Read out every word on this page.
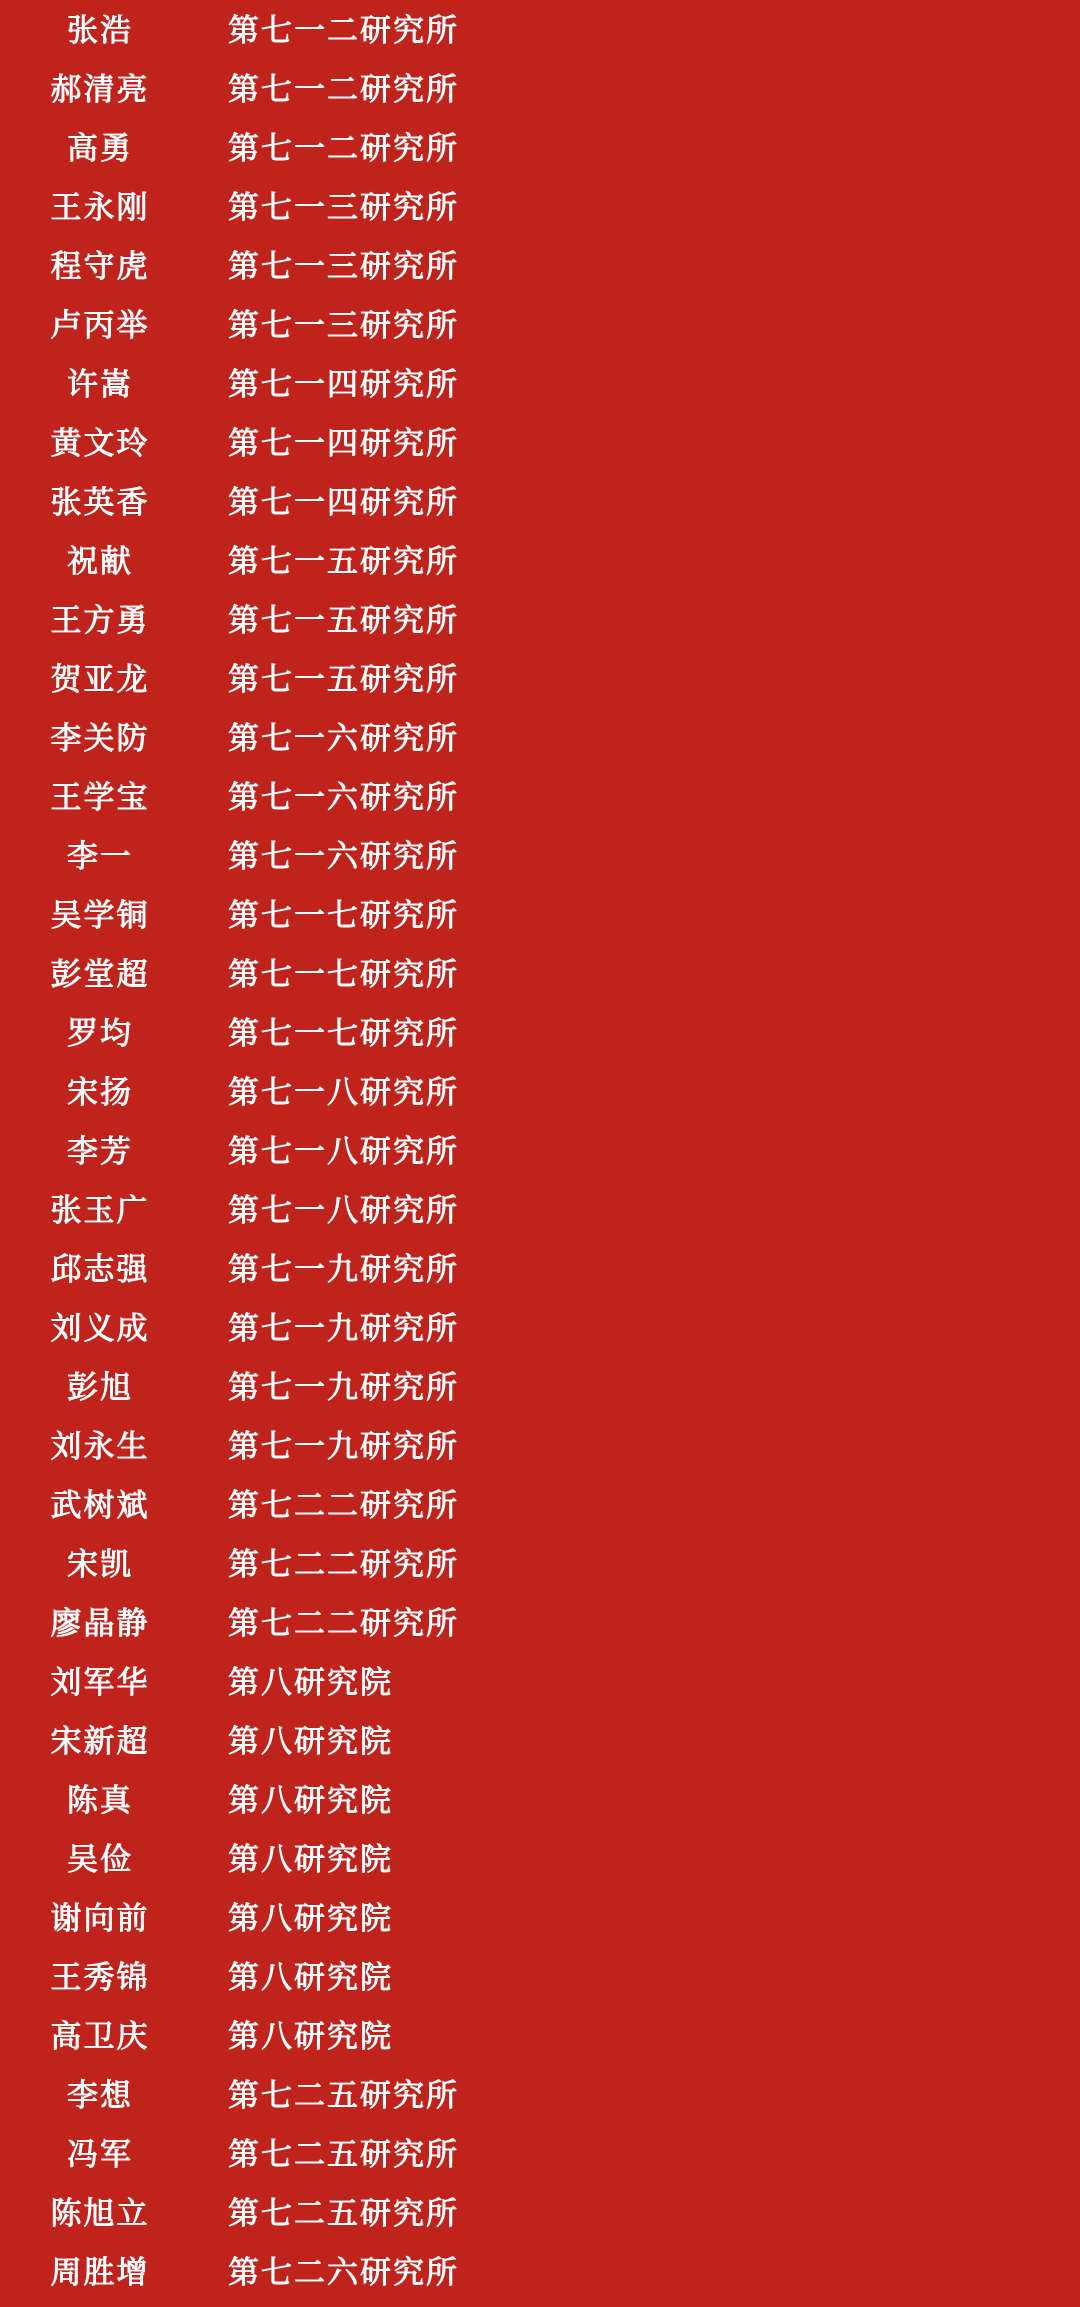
张浩	第七一二研究所
郝清亮	第七一二研究所
高勇	第七一二研究所
王永刚	第七一三研究所
程守虎	第七一三研究所
卢丙举	第七一三研究所
许嵩	第七一四研究所
黄文玲	第七一四研究所
张英香	第七一四研究所
祝献	第七一五研究所
王方勇	第七一五研究所
贺亚龙	第七一五研究所
李关防	第七一六研究所
王学宝	第七一六研究所
李一	第七一六研究所
吴学铜	第七一七研究所
彭堂超	第七一七研究所
罗均	第七一七研究所
宋扬	第七一八研究所
李芳	第七一八研究所
张玉广	第七一八研究所
邱志强	第七一九研究所
刘义成	第七一九研究所
彭旭	第七一九研究所
刘永生	第七一九研究所
武树斌	第七二二研究所
宋凯	第七二二研究所
廖晶静	第七二二研究所
刘军华	第八研究院
宋新超	第八研究院
陈真	第八研究院
吴俭	第八研究院
谢向前	第八研究院
王秀锦	第八研究院
高卫庆	第八研究院
李想	第七二五研究所
冯军	第七二五研究所
陈旭立	第七二五研究所
周胜增	第七二六研究所
